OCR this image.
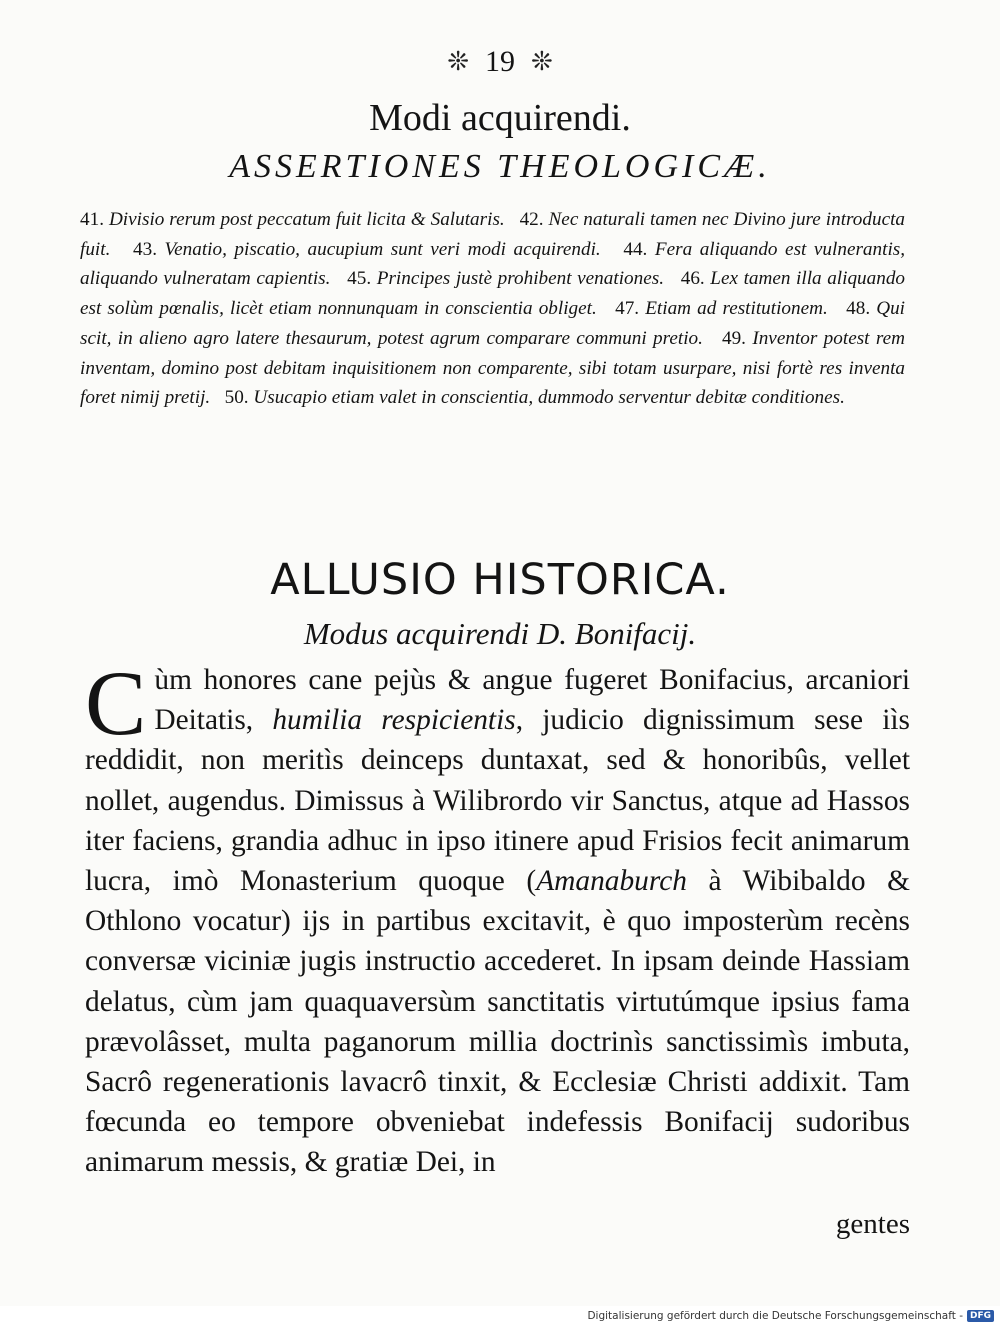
❊ 19 ❊
Modi acquirendi.
ASSERTIONES THEOLOGICÆ.
41. Divisio rerum post peccatum fuit licita & Salutaris. 42. Nec naturali tamen nec Divino jure introducta fuit. 43. Venatio, piscatio, aucupium sunt veri modi acquirendi. 44. Fera aliquando est vulnerantis, aliquando vulneratam capientis. 45. Principes justè prohibent venationes. 46. Lex tamen illa aliquando est solùm pœnalis, licèt etiam nonnunquam in conscientia obliget. 47. Etiam ad restitutionem. 48. Qui scit, in alieno agro latere thesaurum, potest agrum comparare communi pretio. 49. Inventor potest rem inventam, domino post debitam inquisitionem non comparente, sibi totam usurpare, nisi fortè res inventa foret nimij pretij. 50. Usucapio etiam valet in conscientia, dummodo serventur debitæ conditiones.
ALLUSIO HISTORICA.
Modus acquirendi D. Bonifacij.
Cùm honores cane pejùs & angue fugeret Bonifacius, arcaniori Deitatis, humilia respicientis, judicio dignissimum sese iìs reddidit, non meritìs deinceps duntaxat, sed & honoribûs, vellet nollet, augendus. Dimissus à Wilibrordo vir Sanctus, atque ad Hassos iter faciens, grandia adhuc in ipso itinere apud Frisios fecit animarum lucra, imò Monasterium quoque (Amanaburch à Wibibaldo & Othlono vocatur) ijs in partibus excitavit, è quo imposterùm recèns conversæ viciniæ jugis instructio accederet. In ipsam deinde Hassiam delatus, cùm jam quaquaversùm sanctitatis virtutúmque ipsius fama prævolâsset, multa paganorum millia doctrinìs sanctissimìs imbuta, Sacrô regenerationis lavacrô tinxit, & Ecclesiæ Christi addixit. Tam fœcunda eo tempore obveniebat indefessis Bonifacij sudoribus animarum messis, & gratiæ Dei, in
gentes
Digitalisierung gefördert durch die Deutsche Forschungsgemeinschaft - DFG
